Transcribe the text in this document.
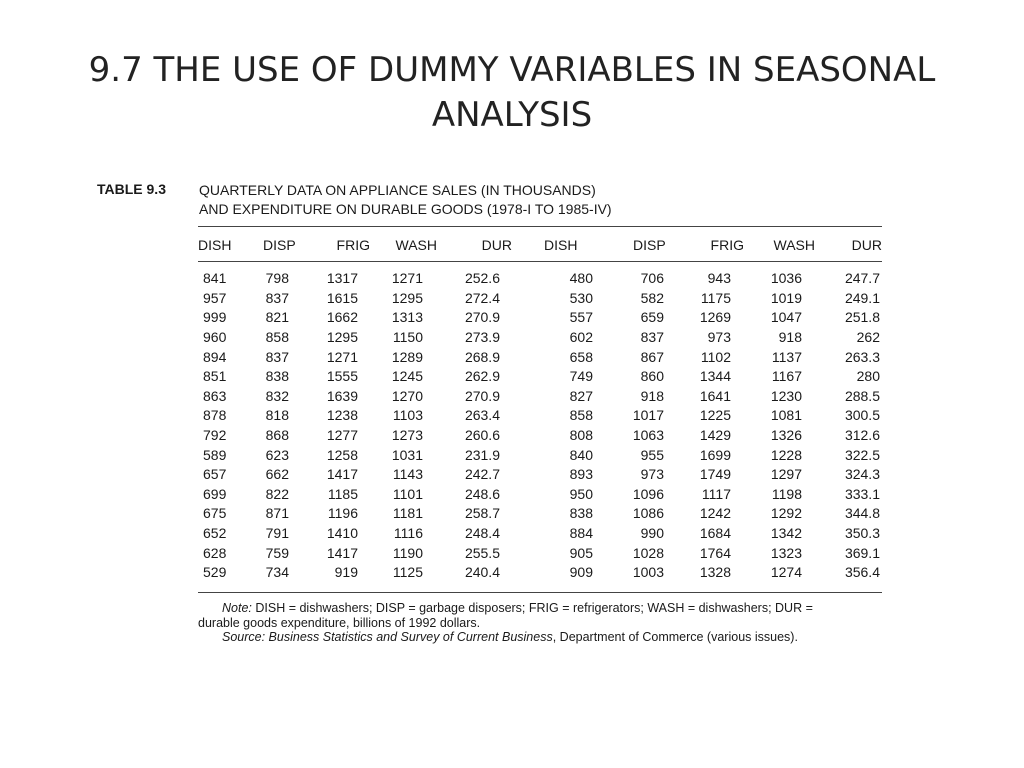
9.7 THE USE OF DUMMY VARIABLES IN SEASONAL ANALYSIS
TABLE 9.3 QUARTERLY DATA ON APPLIANCE SALES (IN THOUSANDS)
AND EXPENDITURE ON DURABLE GOODS (1978-I TO 1985-IV)
DISH	DISP	FRIG	WASH	DUR	DISH	DISP	FRIG	WASH	DUR

841	798	1317	1271	252.6	480	706	943	1036	247.7
957	837	1615	1295	272.4	530	582	1175	1019	249.1
999	821	1662	1313	270.9	557	659	1269	1047	251.8
960	858	1295	1150	273.9	602	837	973	918	262
894	837	1271	1289	268.9	658	867	1102	1137	263.3
851	838	1555	1245	262.9	749	860	1344	1167	280
863	832	1639	1270	270.9	827	918	1641	1230	288.5
878	818	1238	1103	263.4	858	1017	1225	1081	300.5
792	868	1277	1273	260.6	808	1063	1429	1326	312.6
589	623	1258	1031	231.9	840	955	1699	1228	322.5
657	662	1417	1143	242.7	893	973	1749	1297	324.3
699	822	1185	1101	248.6	950	1096	1117	1198	333.1
675	871	1196	1181	258.7	838	1086	1242	1292	344.8
652	791	1410	1116	248.4	884	990	1684	1342	350.3
628	759	1417	1190	255.5	905	1028	1764	1323	369.1
529	734	919	1125	240.4	909	1003	1328	1274	356.4
Note: DISH = dishwashers; DISP = garbage disposers; FRIG = refrigerators; WASH = dishwashers; DUR =
durable goods expenditure, billions of 1992 dollars.
Source: Business Statistics and Survey of Current Business, Department of Commerce (various issues).
